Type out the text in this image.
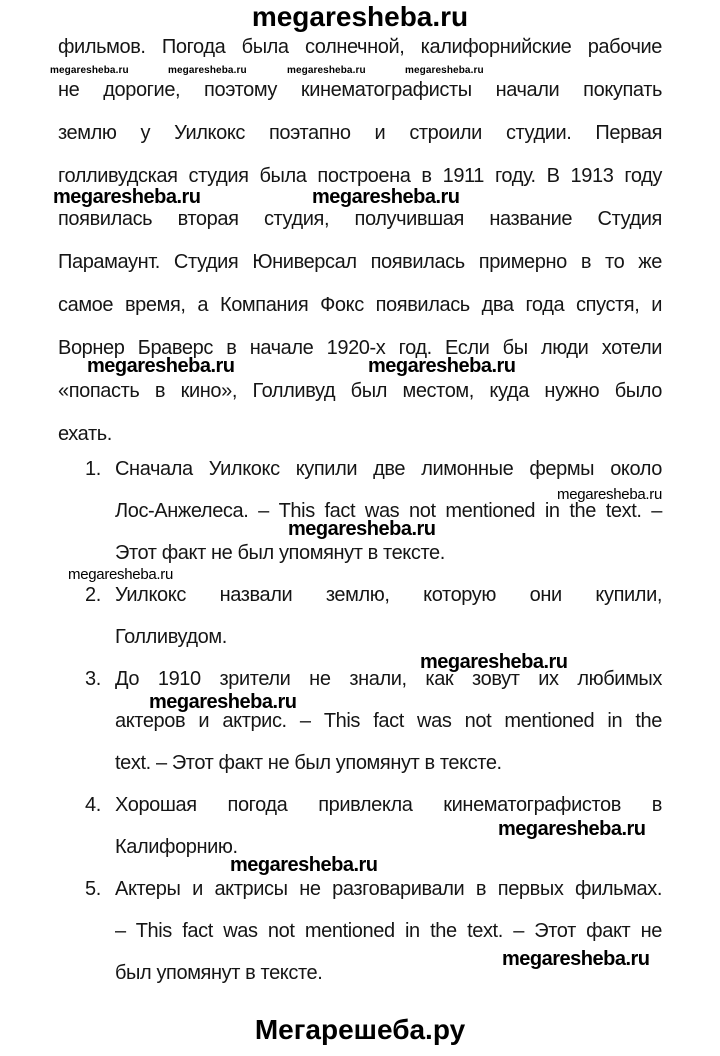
megaresheba.ru
фильмов. Погода была солнечной, калифорнийские рабочие
не дорогие, поэтому кинематографисты начали покупать
землю у Уилкокс поэтапно и строили студии. Первая
голливудская студия была построена в 1911 году. В 1913 году
появилась вторая студия, получившая название Студия
Парамаунт. Студия Юниверсал появилась примерно в то же
самое время, а Компания Фокс появилась два года спустя, и
Ворнер Браверс в начале 1920-х год. Если бы люди хотели
«попасть в кино», Голливуд был местом, куда нужно было
ехать.
1. Сначала Уилкокс купили две лимонные фермы около
Лос-Анжелеса. – This fact was not mentioned in the text. –
Этот факт не был упомянут в тексте.
2. Уилкокс назвали землю, которую они купили,
Голливудом.
3. До 1910 зрители не знали, как зовут их любимых
актеров и актрис. – This fact was not mentioned in the
text. – Этот факт не был упомянут в тексте.
4. Хорошая погода привлекла кинематографистов в
Калифорнию.
5. Актеры и актрисы не разговаривали в первых фильмах.
– This fact was not mentioned in the text. – Этот факт не
был упомянут в тексте.
megaresheba.ru	megaresheba.ru	megaresheba.ru	megaresheba.ru
megaresheba.ru	megaresheba.ru
megaresheba.ru	megaresheba.ru
megaresheba.ru
megaresheba.ru
megaresheba.ru
megaresheba.ru
megaresheba.ru
megaresheba.ru
megaresheba.ru
megaresheba.ru
Мегарешеба.ру
